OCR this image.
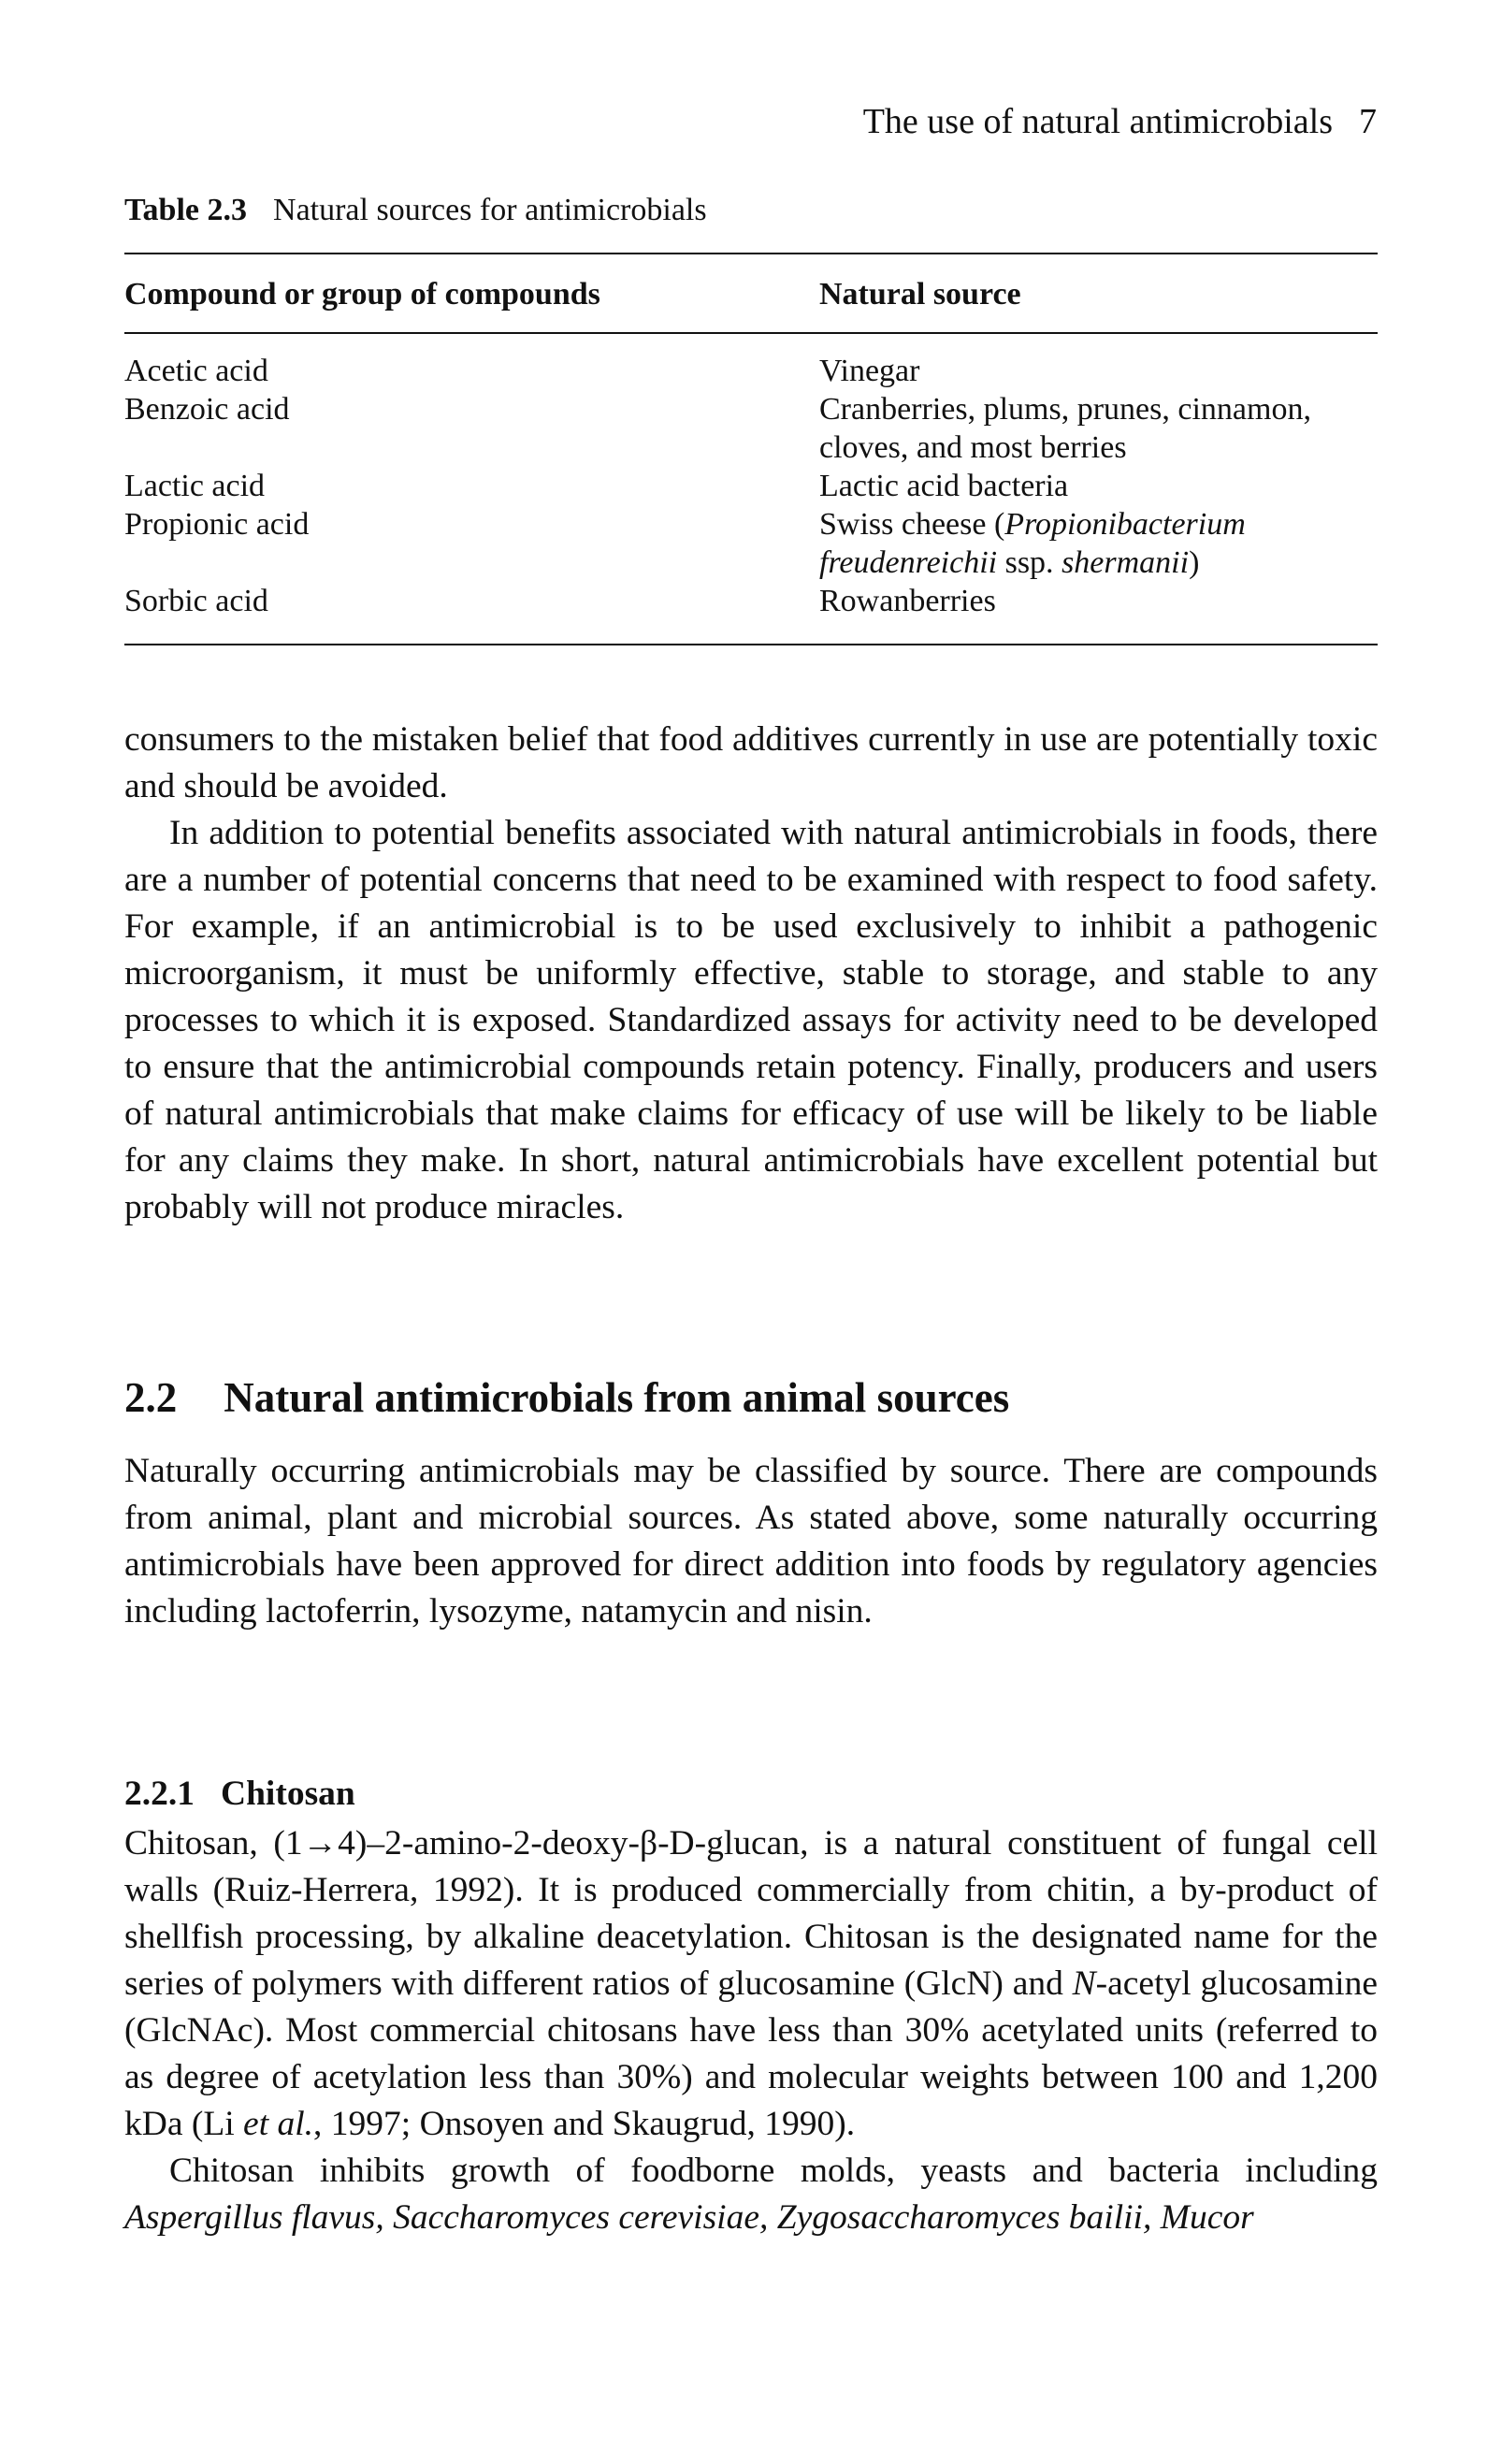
The use of natural antimicrobials 7
Table 2.3 Natural sources for antimicrobials
Compound or group of compounds	Natural source
Acetic acid	Vinegar
Benzoic acid	Cranberries, plums, prunes, cinnamon, cloves, and most berries
Lactic acid	Lactic acid bacteria
Propionic acid	Swiss cheese (Propionibacterium freudenreichii ssp. shermanii)
Sorbic acid	Rowanberries

consumers to the mistaken belief that food additives currently in use are potentially toxic and should be avoided.

In addition to potential benefits associated with natural antimicrobials in foods, there are a number of potential concerns that need to be examined with respect to food safety. For example, if an antimicrobial is to be used exclusively to inhibit a pathogenic microorganism, it must be uniformly effective, stable to storage, and stable to any processes to which it is exposed. Standardized assays for activity need to be developed to ensure that the antimicrobial compounds retain potency. Finally, producers and users of natural antimicrobials that make claims for efficacy of use will be likely to be liable for any claims they make. In short, natural antimicrobials have excellent potential but probably will not produce miracles.

2.2 Natural antimicrobials from animal sources

Naturally occurring antimicrobials may be classified by source. There are compounds from animal, plant and microbial sources. As stated above, some naturally occurring antimicrobials have been approved for direct addition into foods by regulatory agencies including lactoferrin, lysozyme, natamycin and nisin.

2.2.1 Chitosan

Chitosan, (1→4)–2-amino-2-deoxy-β-D-glucan, is a natural constituent of fungal cell walls (Ruiz-Herrera, 1992). It is produced commercially from chitin, a by-product of shellfish processing, by alkaline deacetylation. Chitosan is the designated name for the series of polymers with different ratios of glucosamine (GlcN) and N-acetyl glucosamine (GlcNAc). Most commercial chitosans have less than 30% acetylated units (referred to as degree of acetylation less than 30%) and molecular weights between 100 and 1,200 kDa (Li et al., 1997; Onsoyen and Skaugrud, 1990).

Chitosan inhibits growth of foodborne molds, yeasts and bacteria including Aspergillus flavus, Saccharomyces cerevisiae, Zygosaccharomyces bailii, Mucor
